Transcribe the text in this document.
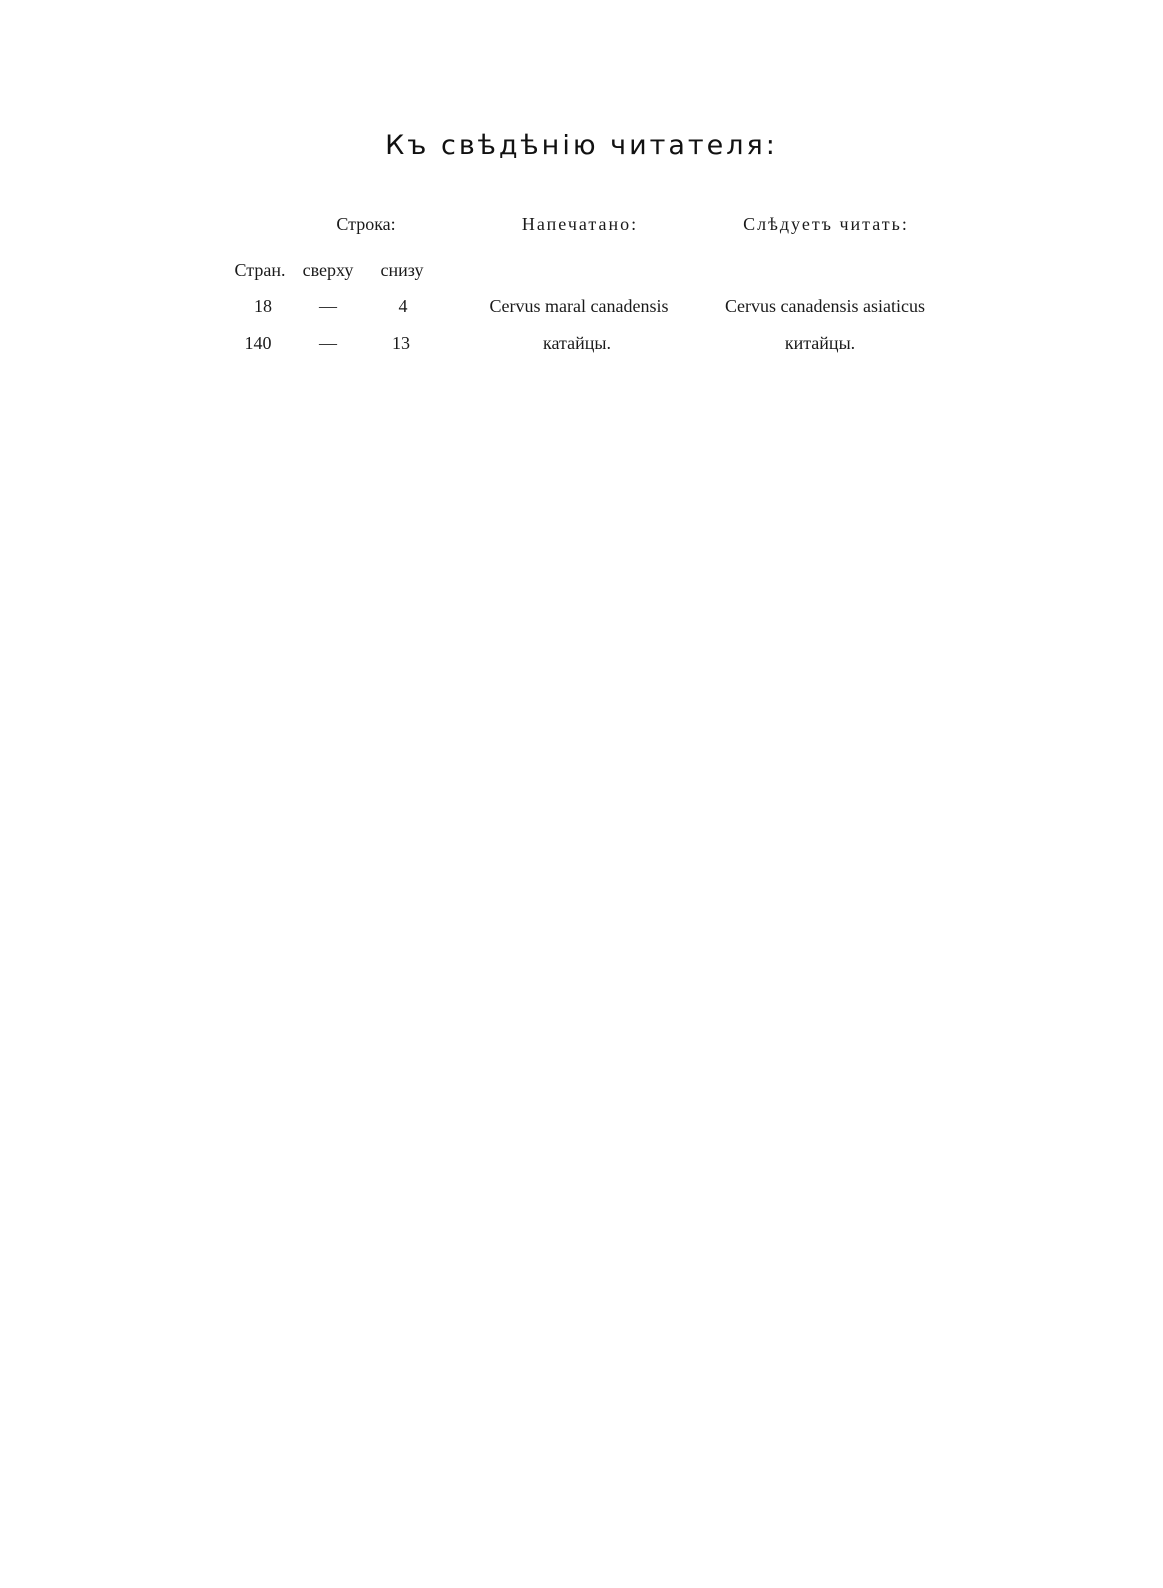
Къ свѣдѣнію читателя:
Строка:	Напечатано:	Слѣдуетъ читать:
Стран. сверху снизу
18	—	4	Cervus maral canadensis	Cervus canadensis asiaticus
140	—	13	катайцы.	китайцы.
